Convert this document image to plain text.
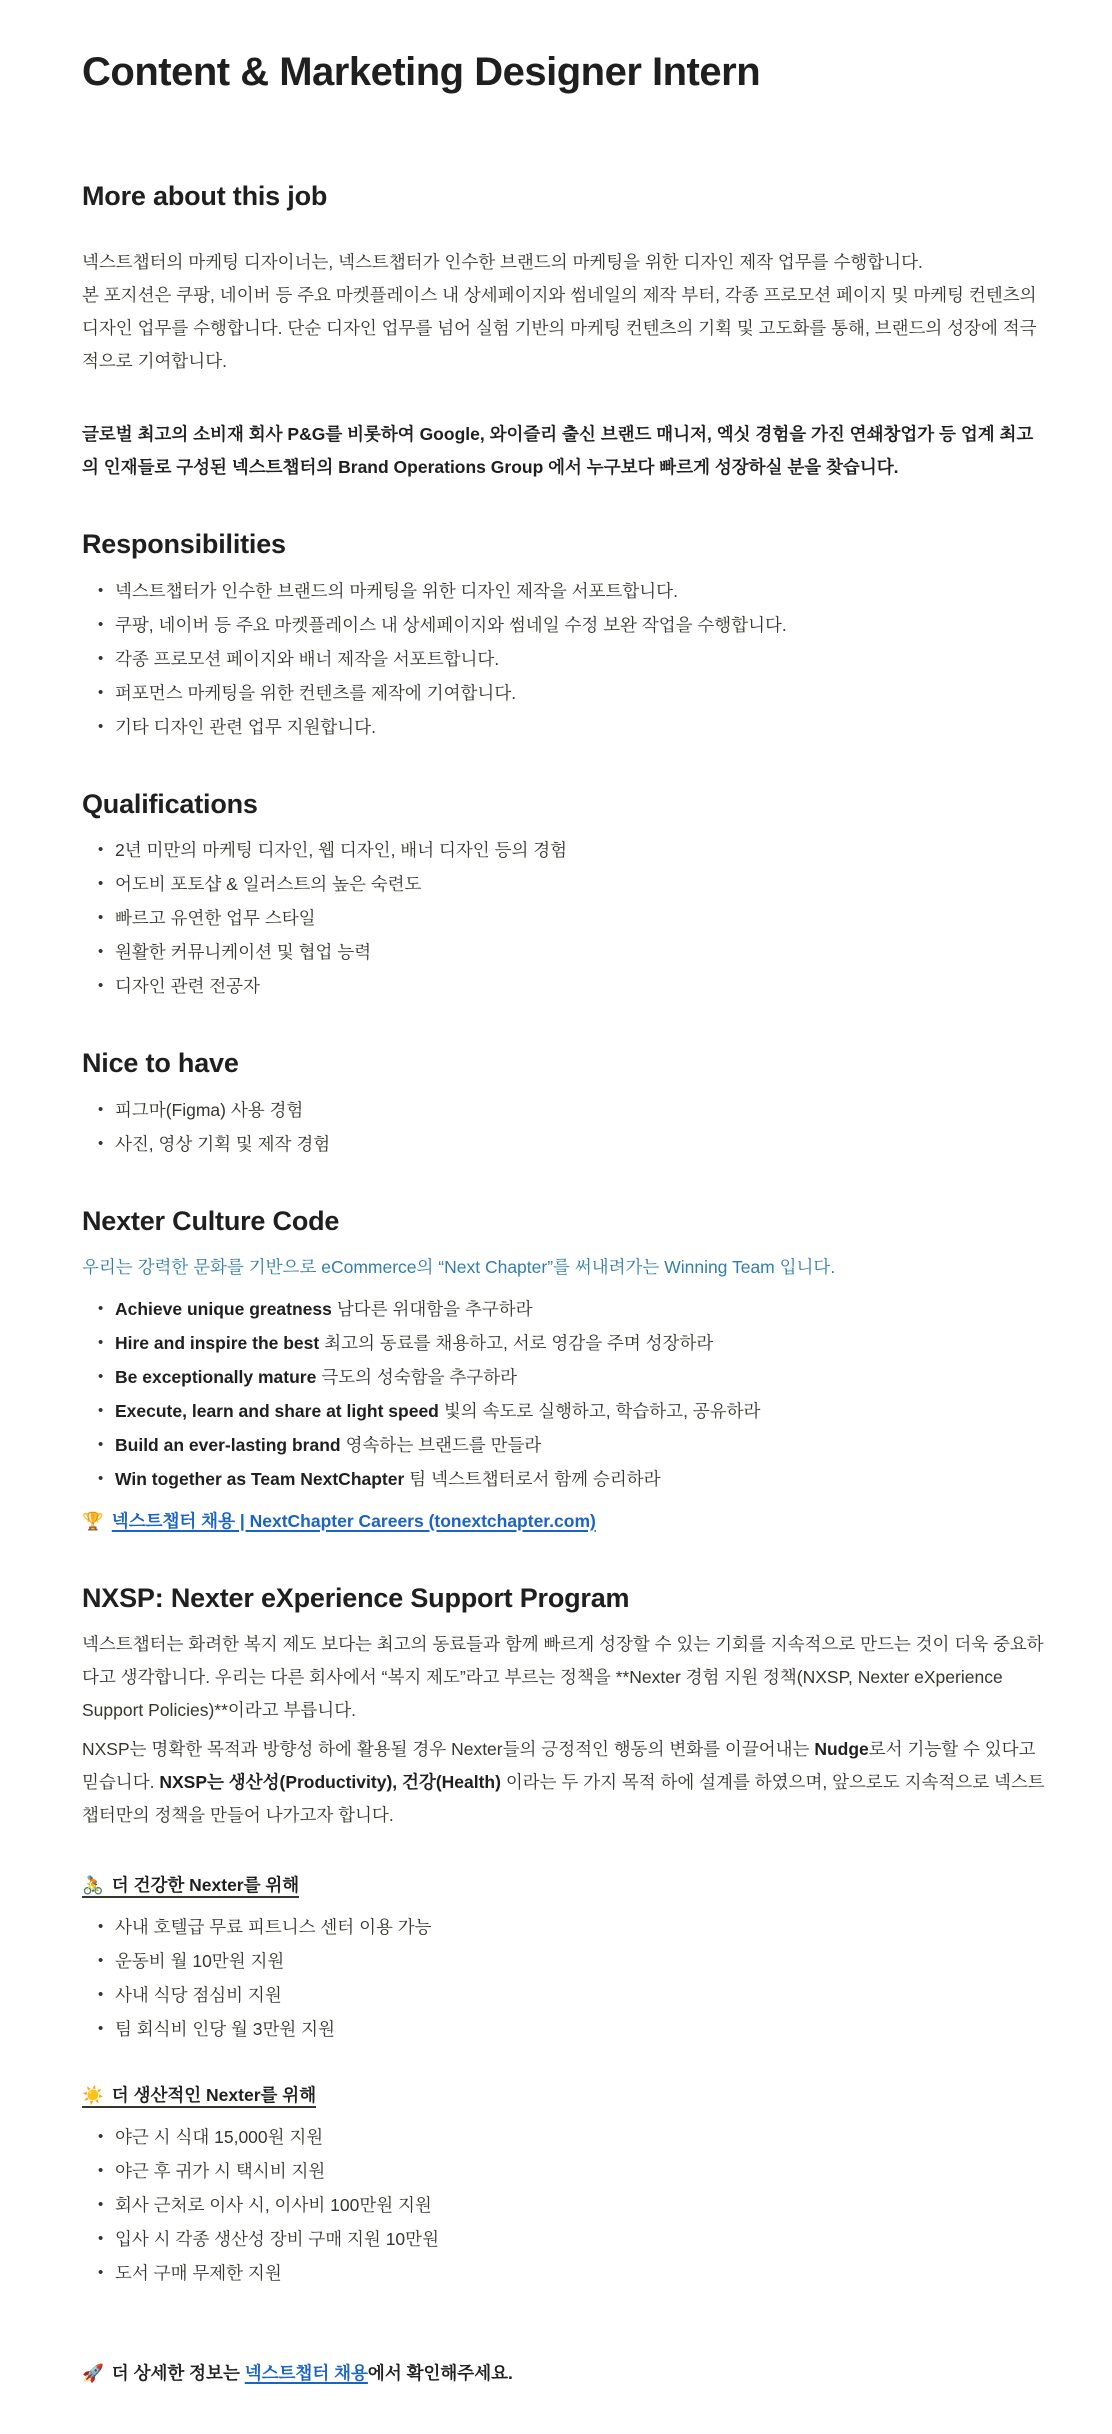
Content & Marketing Designer Intern
More about this job

넥스트챕터의 마케팅 디자이너는, 넥스트챕터가 인수한 브랜드의 마케팅을 위한 디자인 제작 업무를 수행합니다.
본 포지션은 쿠팡, 네이버 등 주요 마켓플레이스 내 상세페이지와 썸네일의 제작 부터, 각종 프로모션 페이지 및 마케팅 컨텐츠의 디자인 업무를 수행합니다. 단순 디자인 업무를 넘어 실험 기반의 마케팅 컨텐츠의 기획 및 고도화를 통해, 브랜드의 성장에 적극적으로 기여합니다.

글로벌 최고의 소비재 회사 P&G를 비롯하여 Google, 와이즐리 출신 브랜드 매니저, 엑싯 경험을 가진 연쇄창업가 등 업계 최고의 인재들로 구성된 넥스트챕터의 Brand Operations Group 에서 누구보다 빠르게 성장하실 분을 찾습니다.

Responsibilities
• 넥스트챕터가 인수한 브랜드의 마케팅을 위한 디자인 제작을 서포트합니다.
• 쿠팡, 네이버 등 주요 마켓플레이스 내 상세페이지와 썸네일 수정 보완 작업을 수행합니다.
• 각종 프로모션 페이지와 배너 제작을 서포트합니다.
• 퍼포먼스 마케팅을 위한 컨텐츠를 제작에 기여합니다.
• 기타 디자인 관련 업무 지원합니다.
Qualifications
• 2년 미만의 마케팅 디자인, 웹 디자인, 배너 디자인 등의 경험
• 어도비 포토샵 & 일러스트의 높은 숙련도
• 빠르고 유연한 업무 스타일
• 원활한 커뮤니케이션 및 협업 능력
• 디자인 관련 전공자
Nice to have
• 피그마(Figma) 사용 경험
• 사진, 영상 기획 및 제작 경험
Nexter Culture Code

우리는 강력한 문화를 기반으로 eCommerce의 “Next Chapter”를 써내려가는 Winning Team 입니다.

• Achieve unique greatness 남다른 위대함을 추구하라
• Hire and inspire the best 최고의 동료를 채용하고, 서로 영감을 주며 성장하라
• Be exceptionally mature 극도의 성숙함을 추구하라
• Execute, learn and share at light speed 빛의 속도로 실행하고, 학습하고, 공유하라
• Build an ever-lasting brand 영속하는 브랜드를 만들라
• Win together as Team NextChapter 팀 넥스트챕터로서 함께 승리하라

🏆 넥스트챕터 채용 | NextChapter Careers (tonextchapter.com)

NXSP: Nexter eXperience Support Program

넥스트챕터는 화려한 복지 제도 보다는 최고의 동료들과 함께 빠르게 성장할 수 있는 기회를 지속적으로 만드는 것이 더욱 중요하다고 생각합니다. 우리는 다른 회사에서 “복지 제도”라고 부르는 정책을 **Nexter 경험 지원 정책(NXSP, Nexter eXperience Support Policies)**이라고 부릅니다.

NXSP는 명확한 목적과 방향성 하에 활용될 경우 Nexter들의 긍정적인 행동의 변화를 이끌어내는 Nudge로서 기능할 수 있다고 믿습니다. NXSP는 생산성(Productivity), 건강(Health) 이라는 두 가지 목적 하에 설계를 하였으며, 앞으로도 지속적으로 넥스트챕터만의 정책을 만들어 나가고자 합니다.

🚴 더 건강한 Nexter를 위해

• 사내 호텔급 무료 피트니스 센터 이용 가능
• 운동비 월 10만원 지원
• 사내 식당 점심비 지원
• 팀 회식비 인당 월 3만원 지원

☀️ 더 생산적인 Nexter를 위해

• 야근 시 식대 15,000원 지원
• 야근 후 귀가 시 택시비 지원
• 회사 근처로 이사 시, 이사비 100만원 지원
• 입사 시 각종 생산성 장비 구매 지원 10만원
• 도서 구매 무제한 지원

🚀 더 상세한 정보는 넥스트챕터 채용에서 확인해주세요.
